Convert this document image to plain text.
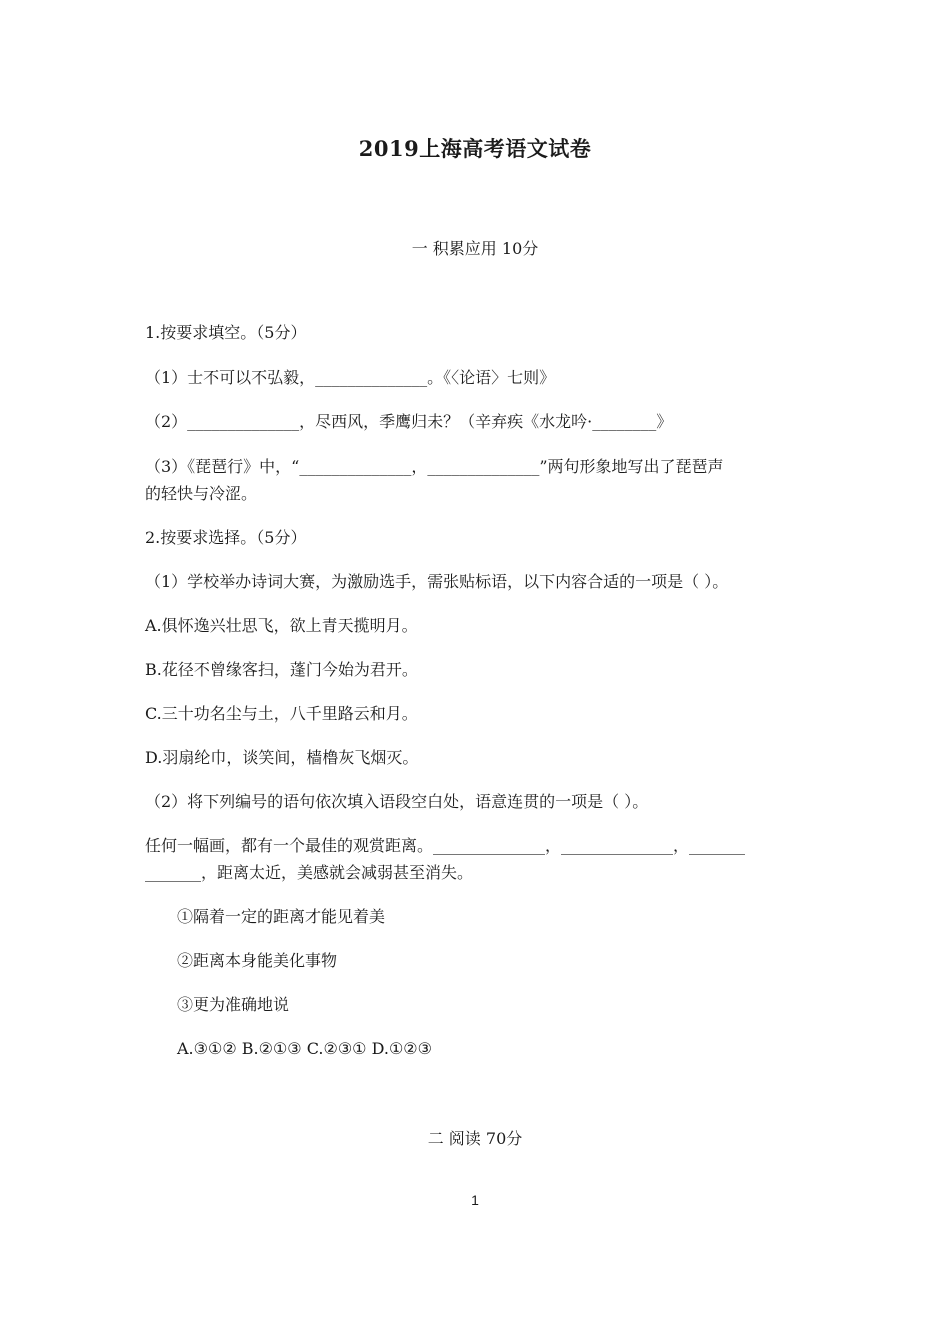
2019上海高考语文试卷
一 积累应用 10分
1.按要求填空。（5分）
（1）士不可以不弘毅，______________。《〈论语〉七则》
（2）______________，尽西风，季鹰归未？（辛弃疾《水龙吟·________》
（3）《琵琶行》中，“______________，______________”两句形象地写出了琵琶声
的轻快与冷涩。
2.按要求选择。（5分）
（1）学校举办诗词大赛，为激励选手，需张贴标语，以下内容合适的一项是（ ）。
A.俱怀逸兴壮思飞，欲上青天揽明月。
B.花径不曾缘客扫，蓬门今始为君开。
C.三十功名尘与土，八千里路云和月。
D.羽扇纶巾，谈笑间，樯橹灰飞烟灭。
（2）将下列编号的语句依次填入语段空白处，语意连贯的一项是（ ）。
任何一幅画，都有一个最佳的观赏距离。______________，______________，_______
_______，距离太近，美感就会减弱甚至消失。
①隔着一定的距离才能见着美
②距离本身能美化事物
③更为准确地说
A.③①② B.②①③ C.②③① D.①②③
二 阅读 70分
1
